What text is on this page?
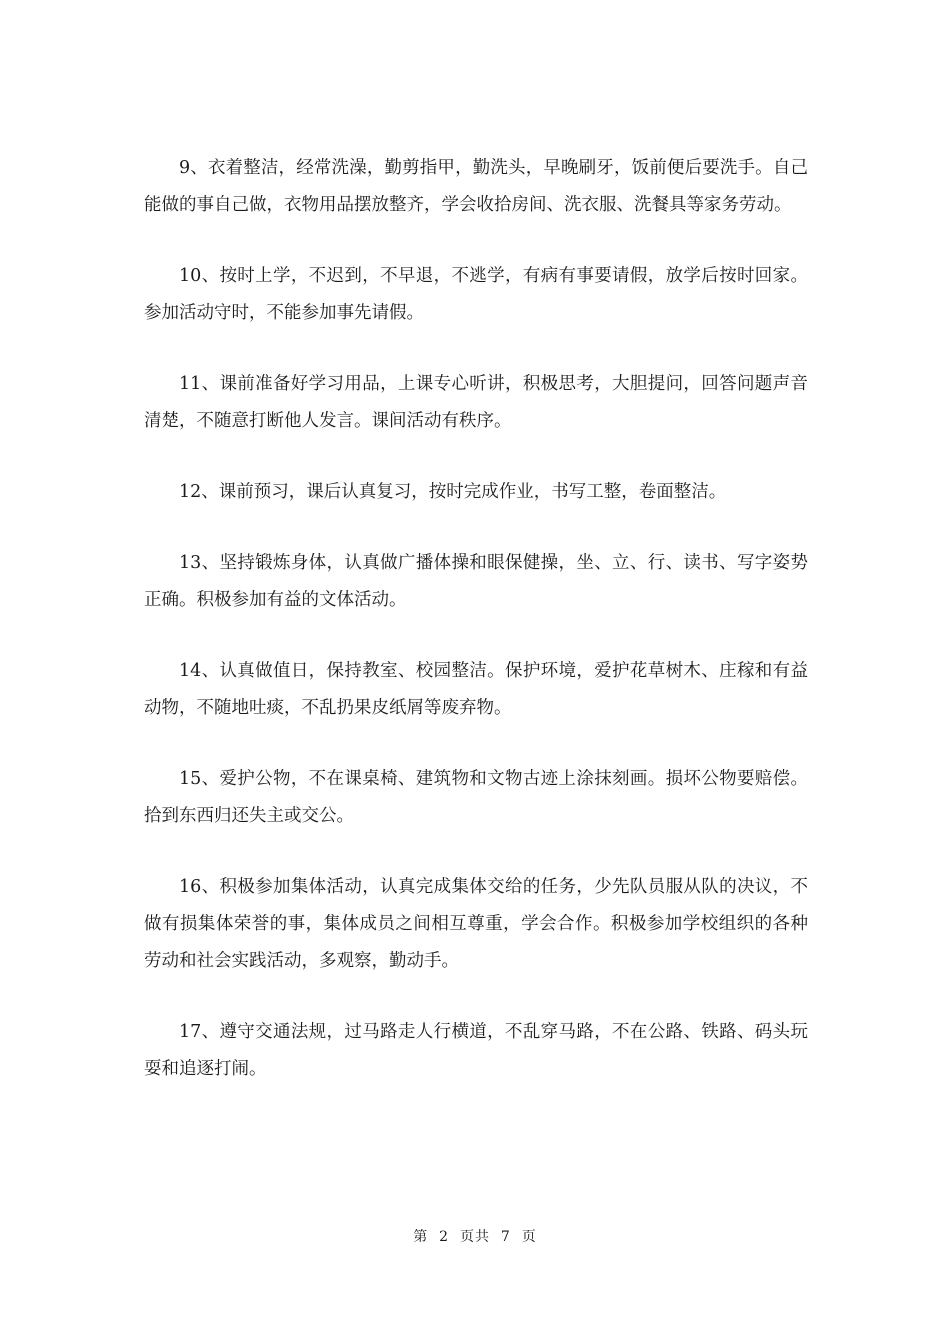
9、衣着整洁，经常洗澡，勤剪指甲，勤洗头，早晚刷牙，饭前便后要洗手。自己能做的事自己做，衣物用品摆放整齐，学会收拾房间、洗衣服、洗餐具等家务劳动。

10、按时上学，不迟到，不早退，不逃学，有病有事要请假，放学后按时回家。参加活动守时，不能参加事先请假。

11、课前准备好学习用品，上课专心听讲，积极思考，大胆提问，回答问题声音清楚，不随意打断他人发言。课间活动有秩序。

12、课前预习，课后认真复习，按时完成作业，书写工整，卷面整洁。

13、坚持锻炼身体，认真做广播体操和眼保健操，坐、立、行、读书、写字姿势正确。积极参加有益的文体活动。

14、认真做值日，保持教室、校园整洁。保护环境，爱护花草树木、庄稼和有益动物，不随地吐痰，不乱扔果皮纸屑等废弃物。

15、爱护公物，不在课桌椅、建筑物和文物古迹上涂抹刻画。损坏公物要赔偿。拾到东西归还失主或交公。

16、积极参加集体活动，认真完成集体交给的任务，少先队员服从队的决议，不做有损集体荣誉的事，集体成员之间相互尊重，学会合作。积极参加学校组织的各种劳动和社会实践活动，多观察，勤动手。

17、遵守交通法规，过马路走人行横道，不乱穿马路，不在公路、铁路、码头玩耍和追逐打闹。

第  2  页共  7  页
